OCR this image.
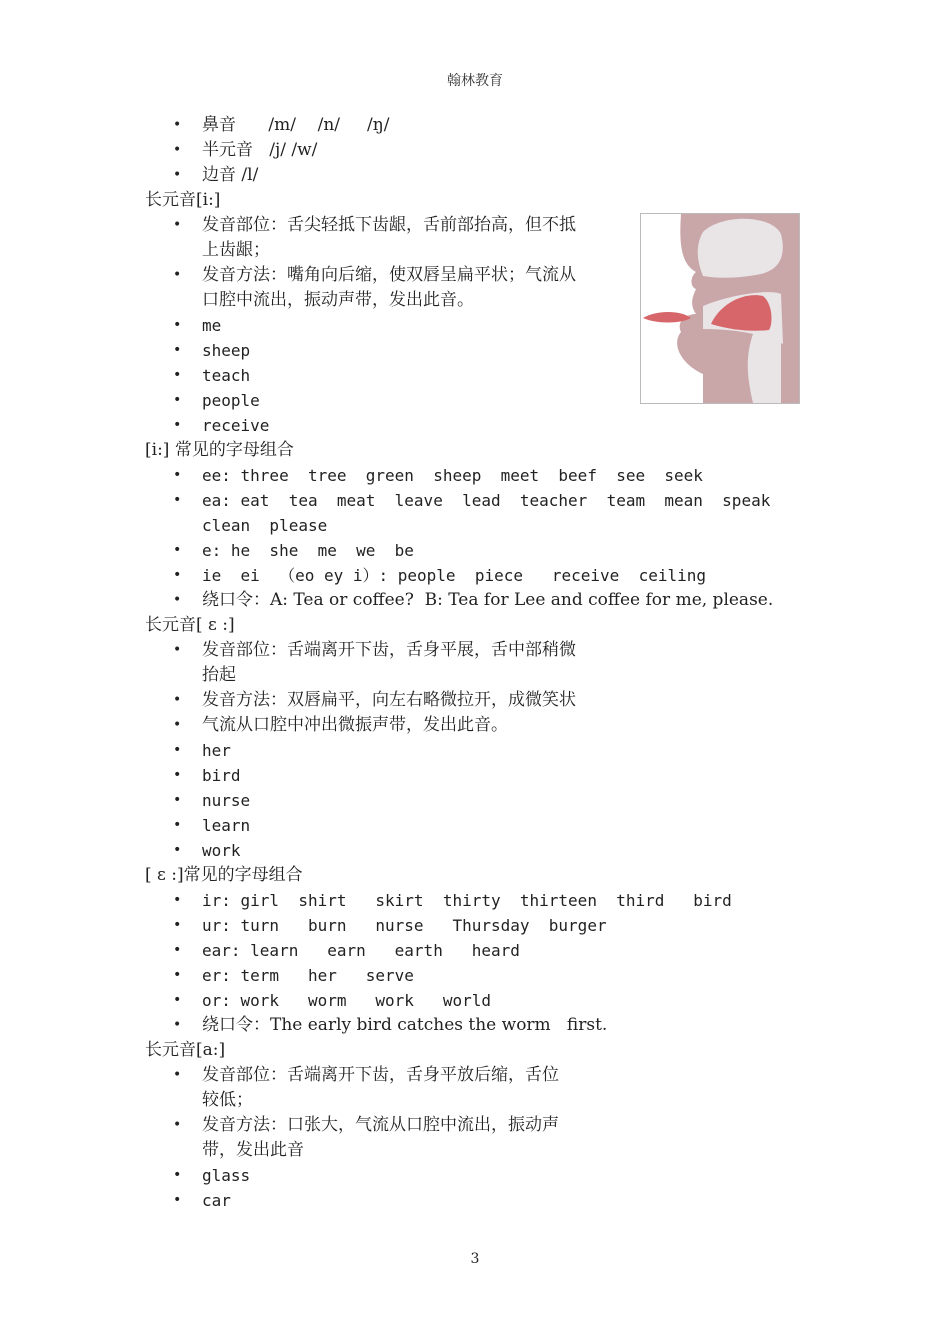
翰林教育
• 鼻音      /m/    /n/     /ŋ/
• 半元音   /j/ /w/
• 边音 /l/
长元音[i:]
• 发音部位：舌尖轻抵下齿龈，舌前部抬高，但不抵
上齿龈；
• 发音方法：嘴角向后缩，使双唇呈扁平状；气流从
口腔中流出，振动声带，发出此音。
• me
• sheep
• teach
• people
• receive
[i:] 常见的字母组合
• ee: three  tree  green  sheep  meet  beef  see  seek
• ea: eat  tea  meat  leave  lead  teacher  team  mean  speak
clean  please
• e: he  she  me  we  be
• ie  ei  （eo ey i）: people  piece   receive  ceiling
• 绕口令：A: Tea or coffee?  B: Tea for Lee and coffee for me, please.
长元音[ ɛ :]
• 发音部位：舌端离开下齿，舌身平展，舌中部稍微
抬起
• 发音方法：双唇扁平，向左右略微拉开，成微笑状
• 气流从口腔中冲出微振声带，发出此音。
• her
• bird
• nurse
• learn
• work
[ ɛ :]常见的字母组合
• ir: girl  shirt   skirt  thirty  thirteen  third   bird
• ur: turn   burn   nurse   Thursday  burger
• ear: learn   earn   earth   heard
• er: term   her   serve
• or: work   worm   work   world
• 绕口令：The early bird catches the worm   first.
长元音[a:]
• 发音部位：舌端离开下齿，舌身平放后缩，舌位
较低；
• 发音方法：口张大，气流从口腔中流出，振动声
带，发出此音
• glass
• car
3
